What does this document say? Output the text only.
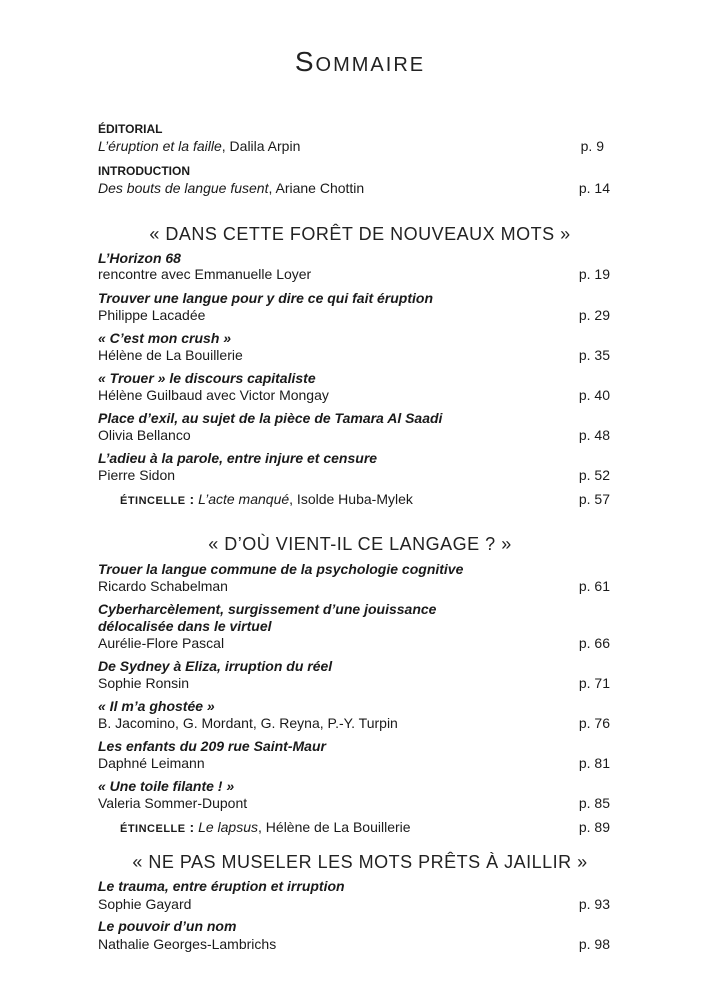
Sommaire
ÉDITORIAL
L’éruption et la faille, Dalila Arpin	p. 9
INTRODUCTION
Des bouts de langue fusent, Ariane Chottin	p. 14
« DANS CETTE FORÊT DE NOUVEAUX MOTS »
L’Horizon 68
rencontre avec Emmanuelle Loyer	p. 19
Trouver une langue pour y dire ce qui fait éruption
Philippe Lacadée	p. 29
« C’est mon crush »
Hélène de La Bouillerie	p. 35
« Trouer » le discours capitaliste
Hélène Guilbaud avec Victor Mongay	p. 40
Place d’exil, au sujet de la pièce de Tamara Al Saadi
Olivia Bellanco	p. 48
L’adieu à la parole, entre injure et censure
Pierre Sidon	p. 52
ÉTINCELLE : L’acte manqué, Isolde Huba-Mylek	p. 57
« D’OÙ VIENT-IL CE LANGAGE ? »
Trouer la langue commune de la psychologie cognitive
Ricardo Schabelman	p. 61
Cyberharcèlement, surgissement d’une jouissance
délocalisée dans le virtuel
Aurélie-Flore Pascal	p. 66
De Sydney à Eliza, irruption du réel
Sophie Ronsin	p. 71
« Il m’a ghostée »
B. Jacomino, G. Mordant, G. Reyna, P.-Y. Turpin	p. 76
Les enfants du 209 rue Saint-Maur
Daphné Leimann	p. 81
« Une toile filante ! »
Valeria Sommer-Dupont	p. 85
ÉTINCELLE : Le lapsus, Hélène de La Bouillerie	p. 89
« NE PAS MUSELER LES MOTS PRÊTS À JAILLIR »
Le trauma, entre éruption et irruption
Sophie Gayard	p. 93
Le pouvoir d’un nom
Nathalie Georges-Lambrichs	p. 98
